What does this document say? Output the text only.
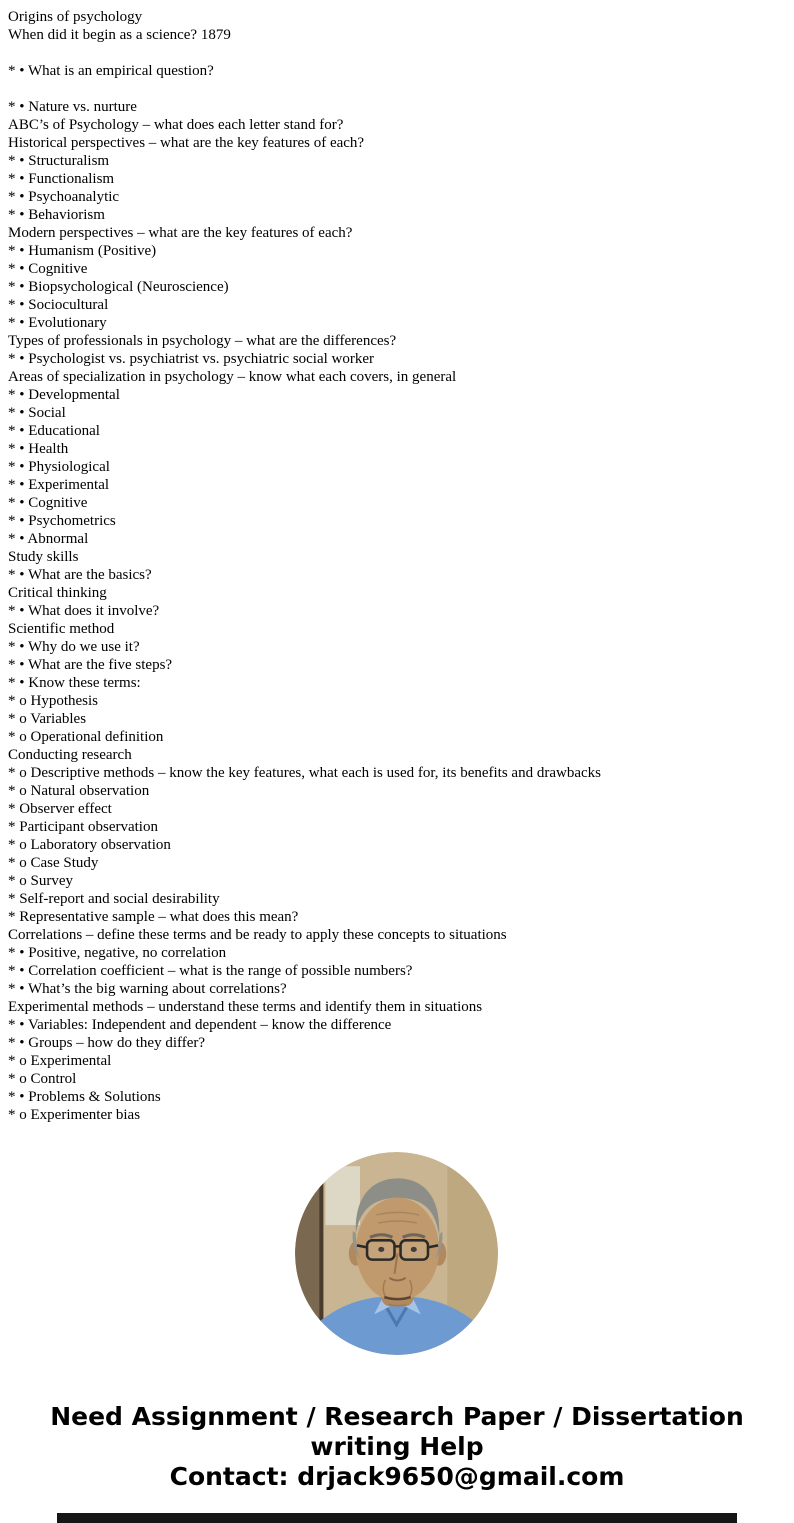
Origins of psychology
When did it begin as a science? 1879

* • What is an empirical question?

* • Nature vs. nurture
ABC’s of Psychology – what does each letter stand for?
Historical perspectives – what are the key features of each?
* • Structuralism
* • Functionalism
* • Psychoanalytic
* • Behaviorism
Modern perspectives – what are the key features of each?
* • Humanism (Positive)
* • Cognitive
* • Biopsychological (Neuroscience)
* • Sociocultural
* • Evolutionary
Types of professionals in psychology – what are the differences?
* • Psychologist vs. psychiatrist vs. psychiatric social worker
Areas of specialization in psychology – know what each covers, in general
* • Developmental
* • Social
* • Educational
* • Health
* • Physiological
* • Experimental
* • Cognitive
* • Psychometrics
* • Abnormal
Study skills
* • What are the basics?
Critical thinking
* • What does it involve?
Scientific method
* • Why do we use it?
* • What are the five steps?
* • Know these terms:
* o Hypothesis
* o Variables
* o Operational definition
Conducting research
* o Descriptive methods – know the key features, what each is used for, its benefits and drawbacks
* o Natural observation
* Observer effect
* Participant observation
* o Laboratory observation
* o Case Study
* o Survey
* Self-report and social desirability
* Representative sample – what does this mean?
Correlations – define these terms and be ready to apply these concepts to situations
* • Positive, negative, no correlation
* • Correlation coefficient – what is the range of possible numbers?
* • What’s the big warning about correlations?
Experimental methods – understand these terms and identify them in situations
* • Variables: Independent and dependent – know the difference
* • Groups – how do they differ?
* o Experimental
* o Control
* • Problems & Solutions
* o Experimenter bias
Need Assignment / Research Paper / Dissertation
writing Help
Contact: drjack9650@gmail.com
